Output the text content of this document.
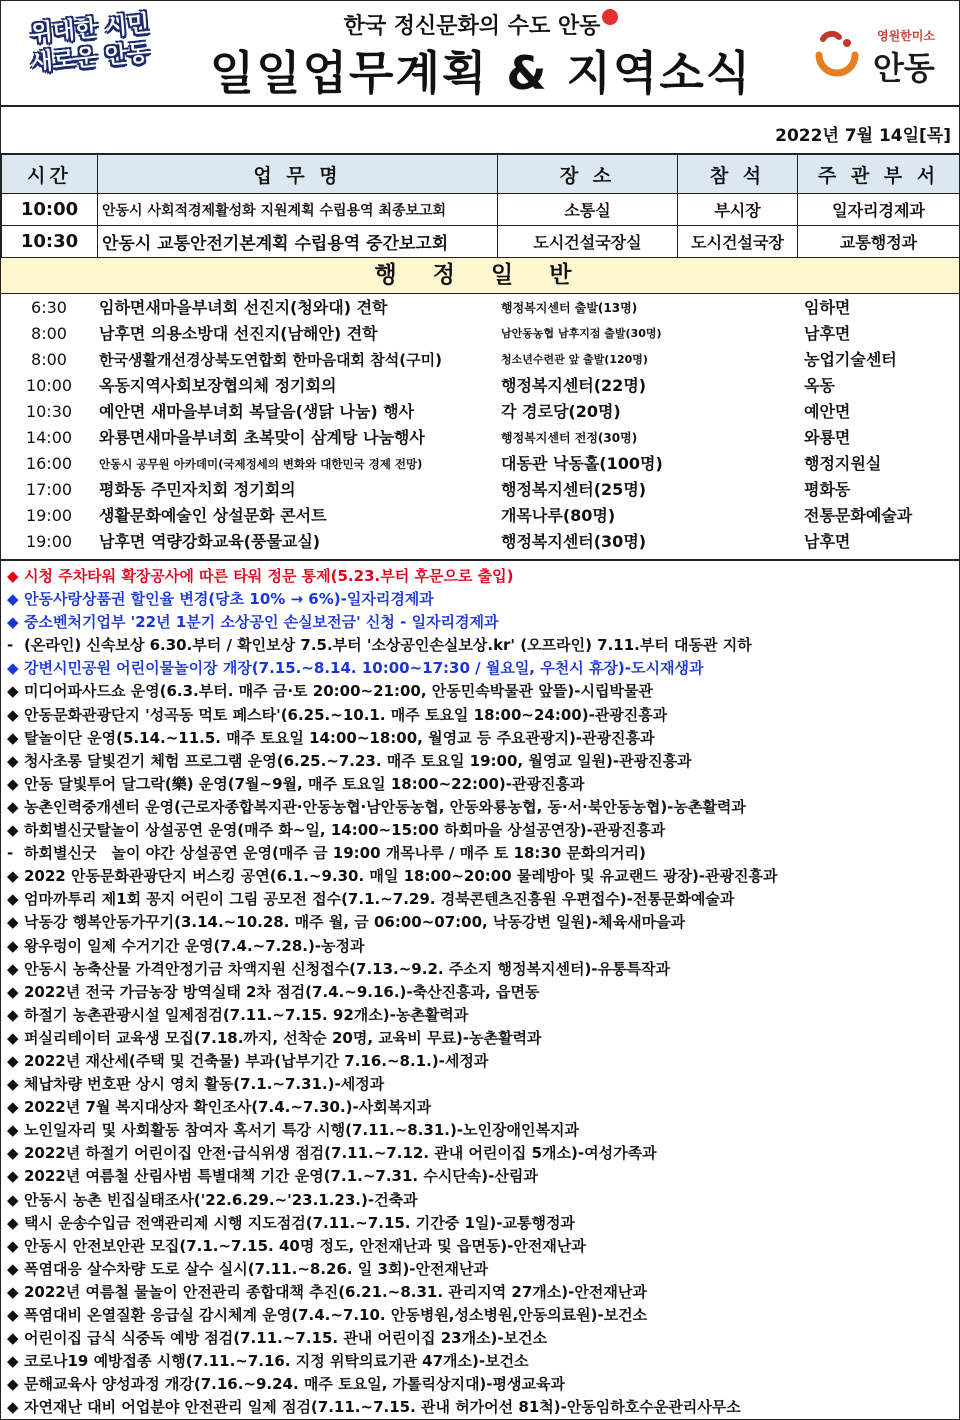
위대한 시민
새로운 안동
한국 정신문화의 수도 안동
일일업무계획 & 지역소식
영원한미소
안동
2022년 7월 14일[목]
시간	업 무 명	장 소	참 석	주 관 부 서
10:00	안동시 사회적경제활성화 지원계획 수립용역 최종보고회	소통실	부시장	일자리경제과
10:30	안동시 교통안전기본계획 수립용역 중간보고회	도시건설국장실	도시건설국장	교통행정과
행 정 일 반
6:30	임하면새마을부녀회 선진지(청와대) 견학	행정복지센터 출발(13명)	임하면
8:00	남후면 의용소방대 선진지(남해안) 견학	남안동농협 남후지점 출발(30명)	남후면
8:00	한국생활개선경상북도연합회 한마음대회 참석(구미)	청소년수련관 앞 출발(120명)	농업기술센터
10:00	옥동지역사회보장협의체 정기회의	행정복지센터(22명)	옥동
10:30	예안면 새마을부녀회 복달음(생닭 나눔) 행사	각 경로당(20명)	예안면
14:00	와룡면새마을부녀회 초복맞이 삼계탕 나눔행사	행정복지센터 전정(30명)	와룡면
16:00	안동시 공무원 아카데미(국제정세의 변화와 대한민국 경제 전망)	대동관 낙동홀(100명)	행정지원실
17:00	평화동 주민자치회 정기회의	행정복지센터(25명)	평화동
19:00	생활문화예술인 상설문화 콘서트	개목나루(80명)	전통문화예술과
19:00	남후면 역량강화교육(풍물교실)	행정복지센터(30명)	남후면
◆ 시청 주차타워 확장공사에 따른 타워 정문 통제(5.23.부터 후문으로 출입)
◆ 안동사랑상품권 할인율 변경(당초 10% → 6%)-일자리경제과
◆ 중소벤처기업부 '22년 1분기 소상공인 손실보전금' 신청 - 일자리경제과
- (온라인) 신속보상 6.30.부터 / 확인보상 7.5.부터 '소상공인손실보상.kr' (오프라인) 7.11.부터 대동관 지하
◆ 강변시민공원 어린이물놀이장 개장(7.15.~8.14. 10:00~17:30 / 월요일, 우천시 휴장)-도시재생과
◆ 미디어파사드쇼 운영(6.3.부터. 매주 금·토 20:00~21:00, 안동민속박물관 앞뜰)-시립박물관
◆ 안동문화관광단지 '성곡동 먹토 페스타'(6.25.~10.1. 매주 토요일 18:00~24:00)-관광진흥과
◆ 탈놀이단 운영(5.14.~11.5. 매주 토요일 14:00~18:00, 월영교 등 주요관광지)-관광진흥과
◆ 청사초롱 달빛걷기 체험 프로그램 운영(6.25.~7.23. 매주 토요일 19:00, 월영교 일원)-관광진흥과
◆ 안동 달빛투어 달그락(樂) 운영(7월~9월, 매주 토요일 18:00~22:00)-관광진흥과
◆ 농촌인력중개센터 운영(근로자종합복지관·안동농협·남안동농협, 안동와룡농협, 동·서·북안동농협)-농촌활력과
◆ 하회별신굿탈놀이 상설공연 운영(매주 화~일, 14:00~15:00 하회마을 상설공연장)-관광진흥과
- 하회별신굿　놀이 야간 상설공연 운영(매주 금 19:00 개목나루 / 매주 토 18:30 문화의거리)
◆ 2022 안동문화관광단지 버스킹 공연(6.1.~9.30. 매일 18:00~20:00 물레방아 및 유교랜드 광장)-관광진흥과
◆ 엄마까투리 제1회 꽁지 어린이 그림 공모전 접수(7.1.~7.29. 경북콘텐츠진흥원 우편접수)-전통문화예술과
◆ 낙동강 행복안동가꾸기(3.14.~10.28. 매주 월, 금 06:00~07:00, 낙동강변 일원)-체육새마을과
◆ 왕우렁이 일제 수거기간 운영(7.4.~7.28.)-농정과
◆ 안동시 농축산물 가격안정기금 차액지원 신청접수(7.13.~9.2. 주소지 행정복지센터)-유통특작과
◆ 2022년 전국 가금농장 방역실태 2차 점검(7.4.~9.16.)-축산진흥과, 읍면동
◆ 하절기 농촌관광시설 일제점검(7.11.~7.15. 92개소)-농촌활력과
◆ 퍼실리테이터 교육생 모집(7.18.까지, 선착순 20명, 교육비 무료)-농촌활력과
◆ 2022년 재산세(주택 및 건축물) 부과(납부기간 7.16.~8.1.)-세정과
◆ 체납차량 번호판 상시 영치 활동(7.1.~7.31.)-세정과
◆ 2022년 7월 복지대상자 확인조사(7.4.~7.30.)-사회복지과
◆ 노인일자리 및 사회활동 참여자 혹서기 특강 시행(7.11.~8.31.)-노인장애인복지과
◆ 2022년 하절기 어린이집 안전·급식위생 점검(7.11.~7.12. 관내 어린이집 5개소)-여성가족과
◆ 2022년 여름철 산림사범 특별대책 기간 운영(7.1.~7.31. 수시단속)-산림과
◆ 안동시 농촌 빈집실태조사('22.6.29.~'23.1.23.)-건축과
◆ 택시 운송수입금 전액관리제 시행 지도점검(7.11.~7.15. 기간중 1일)-교통행정과
◆ 안동시 안전보안관 모집(7.1.~7.15. 40명 정도, 안전재난과 및 읍면동)-안전재난과
◆ 폭염대응 살수차량 도로 살수 실시(7.11.~8.26. 일 3회)-안전재난과
◆ 2022년 여름철 물놀이 안전관리 종합대책 추진(6.21.~8.31. 관리지역 27개소)-안전재난과
◆ 폭염대비 온열질환 응급실 감시체계 운영(7.4.~7.10. 안동병원,성소병원,안동의료원)-보건소
◆ 어린이집 급식 식중독 예방 점검(7.11.~7.15. 관내 어린이집 23개소)-보건소
◆ 코로나19 예방접종 시행(7.11.~7.16. 지정 위탁의료기관 47개소)-보건소
◆ 문해교육사 양성과정 개강(7.16.~9.24. 매주 토요일, 가톨릭상지대)-평생교육과
◆ 자연재난 대비 어업분야 안전관리 일제 점검(7.11.~7.15. 관내 허가어선 81척)-안동임하호수운관리사무소
